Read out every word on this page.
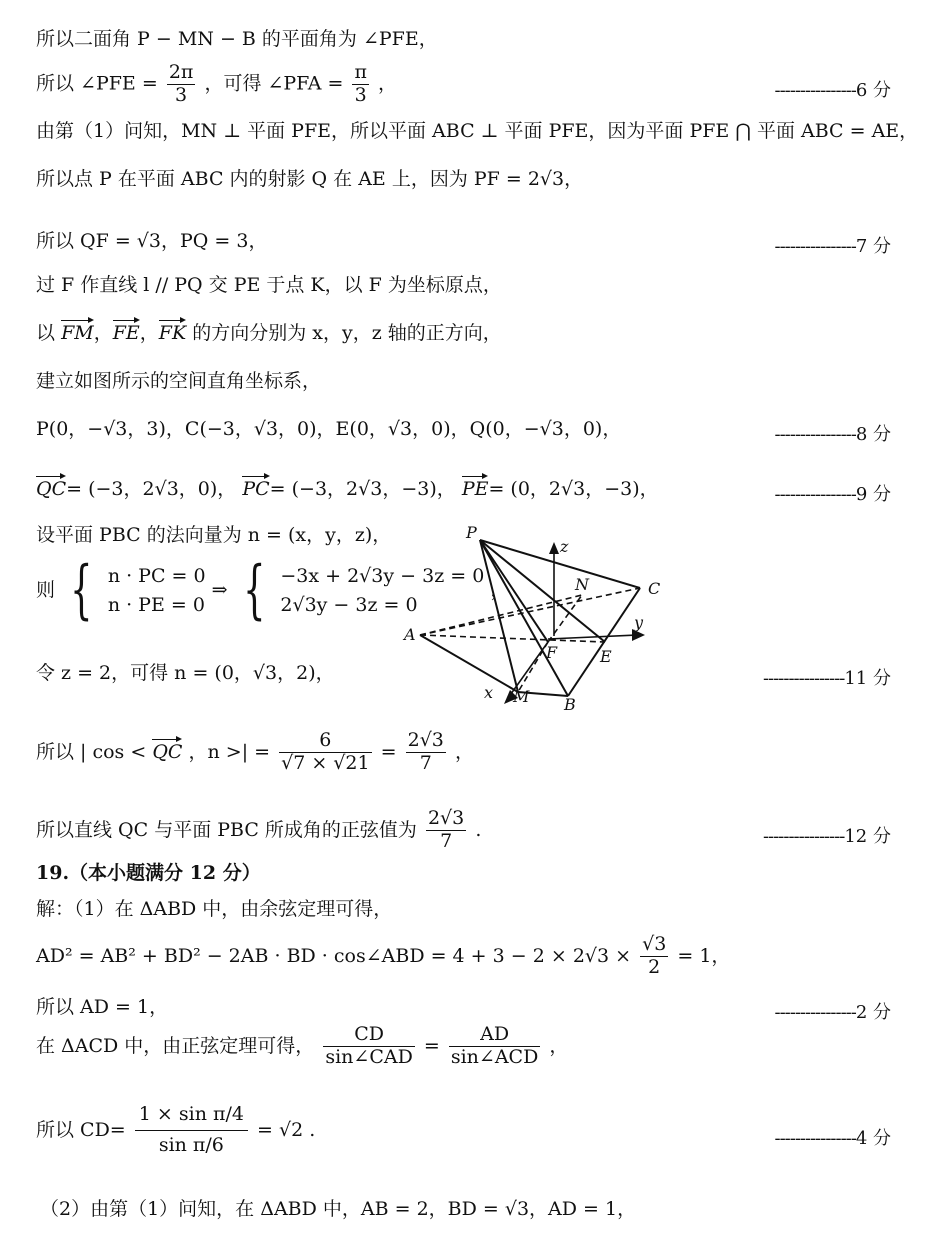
所以二面角 P − MN − B 的平面角为 ∠PFE，
所以 ∠PFE = $\frac{2\pi}{3}$ ，可得 ∠PFA = $\frac{\pi}{3}$ ，	----------------6 分
由第（1）问知，MN ⊥ 平面 PFE，所以平面 ABC ⊥ 平面 PFE，因为平面 PFE ⋂ 平面 ABC = AE，
所以点 P 在平面 ABC 内的射影 Q 在 AE 上，因为 PF = 2√3，
所以 QF = √3，PQ = 3，	----------------7 分
过 F 作直线 l // PQ 交 PE 于点 K，以 F 为坐标原点，
以 FM，FE，FK 的方向分别为 x，y，z 轴的正方向，
建立如图所示的空间直角坐标系，
P(0，−√3，3)，C(−3，√3，0)，E(0，√3，0)，Q(0，−√3，0)，	----------------8 分
QC= (−3，2√3，0)， PC= (−3，2√3，−3)， PE= (0，2√3，−3)，	----------------9 分
设平面 PBC 的法向量为 n = (x，y，z)，
则 { n · PC = 0
n · PE = 0
⇒ { −3x + 2√3y − 3z = 0
2√3y − 3z = 0
，
令 z = 2，可得 n = (0，√3，2)，	----------------11 分
P
z
N	C
y
A
F	E
x M B
所以 | cos < QC ，n >| = $\frac{6}{√7 \times √21} = \frac{2√3}{7}$ ，
所以直线 QC 与平面 PBC 所成角的正弦值为 $\frac{2√3}{7}$ .	----------------12 分
19.（本小题满分 12 分）
解：（1）在 ΔABD 中，由余弦定理可得，
AD² = AB² + BD² − 2AB · BD · cos∠ABD = $4 + 3 - 2 \times 2√3 \times \frac{√3}{2} = 1$，
所以 AD = 1，	----------------2 分
在 ΔACD 中，由正弦定理可得， $\frac{CD}{\text{sin∠CAD}} = \frac{AD}{\text{sin∠ACD}}$ ，
所以 $CD= \frac{\text{1 × sin π/4}}{\text{sin π/6}} = √2$ .	----------------4 分
（2）由第（1）问知，在 ΔABD 中，AB = 2，BD = √3，AD = 1，
